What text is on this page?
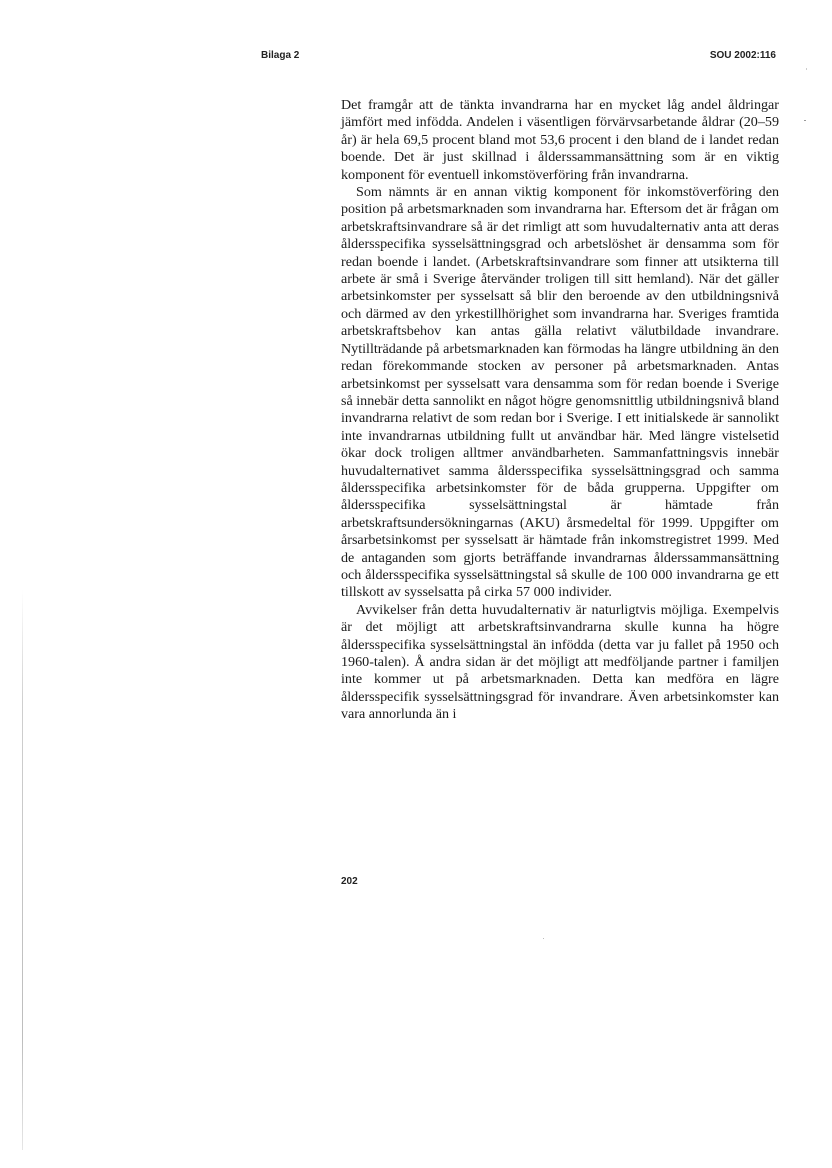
Bilaga 2	SOU 2002:116

Det framgår att de tänkta invandrarna har en mycket låg andel åldringar jämfört med infödda. Andelen i väsentligen förvärvsarbetande åldrar (20–59 år) är hela 69,5 procent bland mot 53,6 procent i den bland de i landet redan boende. Det är just skillnad i ålderssammansättning som är en viktig komponent för eventuell inkomstöverföring från invandrarna.

Som nämnts är en annan viktig komponent för inkomstöverföring den position på arbetsmarknaden som invandrarna har. Eftersom det är frågan om arbetskraftsinvandrare så är det rimligt att som huvudalternativ anta att deras åldersspecifika sysselsättningsgrad och arbetslöshet är densamma som för redan boende i landet. (Arbetskraftsinvandrare som finner att utsikterna till arbete är små i Sverige återvänder troligen till sitt hemland). När det gäller arbetsinkomster per sysselsatt så blir den beroende av den utbildningsnivå och därmed av den yrkestillhörighet som invandrarna har. Sveriges framtida arbetskraftsbehov kan antas gälla relativt välutbildade invandrare. Nytillträdande på arbetsmarknaden kan förmodas ha längre utbildning än den redan förekommande stocken av personer på arbetsmarknaden. Antas arbetsinkomst per sysselsatt vara densamma som för redan boende i Sverige så innebär detta sannolikt en något högre genomsnittlig utbildningsnivå bland invandrarna relativt de som redan bor i Sverige. I ett initialskede är sannolikt inte invandrarnas utbildning fullt ut användbar här. Med längre vistelsetid ökar dock troligen alltmer användbarheten. Sammanfattningsvis innebär huvudalternativet samma åldersspecifika sysselsättningsgrad och samma åldersspecifika arbetsinkomster för de båda grupperna. Uppgifter om åldersspecifika sysselsättningstal är hämtade från arbetskraftsundersökningarnas (AKU) årsmedeltal för 1999. Uppgifter om årsarbetsinkomst per sysselsatt är hämtade från inkomstregistret 1999. Med de antaganden som gjorts beträffande invandrarnas ålderssammansättning och åldersspecifika sysselsättningstal så skulle de 100 000 invandrarna ge ett tillskott av sysselsatta på cirka 57 000 individer.

Avvikelser från detta huvudalternativ är naturligtvis möjliga. Exempelvis är det möjligt att arbetskraftsinvandrarna skulle kunna ha högre åldersspecifika sysselsättningstal än infödda (detta var ju fallet på 1950 och 1960-talen). Å andra sidan är det möjligt att medföljande partner i familjen inte kommer ut på arbetsmarknaden. Detta kan medföra en lägre åldersspecifik sysselsättningsgrad för invandrare. Även arbetsinkomster kan vara annorlunda än i

202
